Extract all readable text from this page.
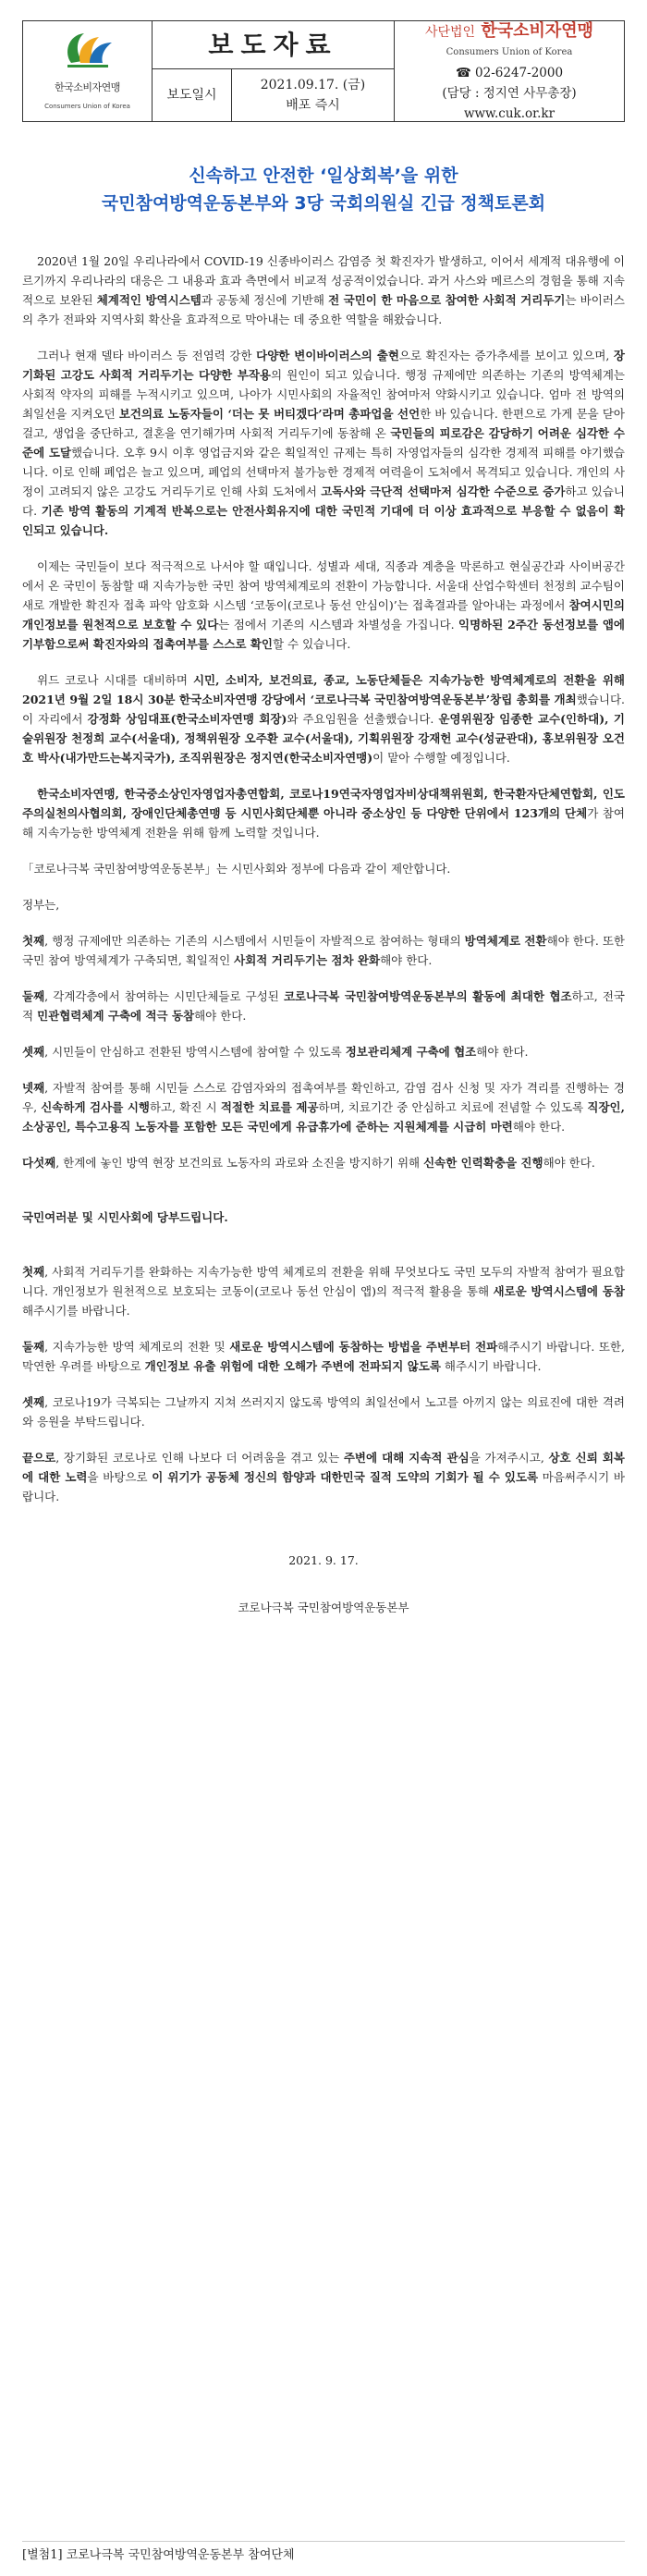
한국소비자연맹
Consumers Union of Korea
보도자료
보도일시
2021.09.17. (금)
배포 즉시
사단법인 한국소비자연맹
Consumers Union of Korea
☎ 02-6247-2000
(담당 : 정지연 사무총장)
www.cuk.or.kr
신속하고 안전한 ‘일상회복’을 위한
국민참여방역운동본부와 3당 국회의원실 긴급 정책토론회
2020년 1월 20일 우리나라에서 COVID-19 신종바이러스 감염증 첫 확진자가 발생하고, 이어서 세계적 대유행에 이르기까지 우리나라의 대응은 그 내용과 효과 측면에서 비교적 성공적이었습니다. 과거 사스와 메르스의 경험을 통해 지속적으로 보완된 체계적인 방역시스템과 공동체 정신에 기반해 전 국민이 한 마음으로 참여한 사회적 거리두기는 바이러스의 추가 전파와 지역사회 확산을 효과적으로 막아내는 데 중요한 역할을 해왔습니다.
그러나 현재 델타 바이러스 등 전염력 강한 다양한 변이바이러스의 출현으로 확진자는 증가추세를 보이고 있으며, 장기화된 고강도 사회적 거리두기는 다양한 부작용의 원인이 되고 있습니다. 행정 규제에만 의존하는 기존의 방역체계는 사회적 약자의 피해를 누적시키고 있으며, 나아가 시민사회의 자율적인 참여마저 약화시키고 있습니다. 엄마 전 방역의 최일선을 지켜오던 보건의료 노동자들이 ‘더는 못 버티겠다’라며 총파업을 선언한 바 있습니다. 한편으로 가게 문을 닫아걸고, 생업을 중단하고, 결혼을 연기해가며 사회적 거리두기에 동참해 온 국민들의 피로감은 감당하기 어려운 심각한 수준에 도달했습니다. 오후 9시 이후 영업금지와 같은 획일적인 규제는 특히 자영업자들의 심각한 경제적 피해를 야기했습니다. 이로 인해 폐업은 늘고 있으며, 폐업의 선택마저 불가능한 경제적 여력을이 도처에서 목격되고 있습니다. 개인의 사정이 고려되지 않은 고강도 거리두기로 인해 사회 도처에서 고독사와 극단적 선택마저 심각한 수준으로 증가하고 있습니다. 기존 방역 활동의 기계적 반복으로는 안전사회유지에 대한 국민적 기대에 더 이상 효과적으로 부응할 수 없음이 확인되고 있습니다.
이제는 국민들이 보다 적극적으로 나서야 할 때입니다. 성별과 세대, 직종과 계층을 막론하고 현실공간과 사이버공간에서 온 국민이 동참할 때 지속가능한 국민 참여 방역체계로의 전환이 가능합니다. 서울대 산업수학센터 천정희 교수팀이 새로 개발한 확진자 접촉 파악 암호화 시스템 ‘코동이(코로나 동선 안심이)’는 접촉결과를 알아내는 과정에서 참여시민의 개인정보를 원천적으로 보호할 수 있다는 점에서 기존의 시스템과 차별성을 가집니다. 익명하된 2주간 동선정보를 앱에 기부함으로써 확진자와의 접촉여부를 스스로 확인할 수 있습니다.
위드 코로나 시대를 대비하며 시민, 소비자, 보건의료, 종교, 노동단체들은 지속가능한 방역체계로의 전환을 위해 2021년 9월 2일 18시 30분 한국소비자연맹 강당에서 ‘코로나극복 국민참여방역운동본부’창립 총회를 개최했습니다. 이 자리에서 강정화 상임대표(한국소비자연맹 회장)와 주요임원을 선출했습니다. 운영위원장 임종한 교수(인하대), 기술위원장 천정희 교수(서울대), 정책위원장 오주환 교수(서울대), 기획위원장 강재헌 교수(성균관대), 홍보위원장 오건호 박사(내가만드는복지국가), 조직위원장은 정지연(한국소비자연맹)이 맡아 수행할 예정입니다.
한국소비자연맹, 한국중소상인자영업자총연합회, 코로나19연국자영업자비상대책위원회, 한국환자단체연합회, 인도주의실천의사협의회, 장애인단체총연맹 등 시민사회단체뿐 아니라 중소상인 등 다양한 단위에서 123개의 단체가 참여해 지속가능한 방역체계 전환을 위해 함께 노력할 것입니다.
「코로나극복 국민참여방역운동본부」는 시민사회와 정부에 다음과 같이 제안합니다.
정부는,
첫째, 행정 규제에만 의존하는 기존의 시스템에서 시민들이 자발적으로 참여하는 형태의 방역체계로 전환해야 한다. 또한 국민 참여 방역체계가 구축되면, 획일적인 사회적 거리두기는 점차 완화해야 한다.
둘째, 각계각층에서 참여하는 시민단체들로 구성된 코로나극복 국민참여방역운동본부의 활동에 최대한 협조하고, 전국적 민관협력체계 구축에 적극 동참해야 한다.
셋째, 시민들이 안심하고 전환된 방역시스템에 참여할 수 있도록 정보관리체계 구축에 협조해야 한다.
넷째, 자발적 참여를 통해 시민들 스스로 감염자와의 접촉여부를 확인하고, 감염 검사 신청 및 자가 격리를 진행하는 경우, 신속하게 검사를 시행하고, 확진 시 적절한 치료를 제공하며, 치료기간 중 안심하고 치료에 전념할 수 있도록 직장인, 소상공인, 특수고용직 노동자를 포함한 모든 국민에게 유급휴가에 준하는 지원체계를 시급히 마련해야 한다.
다섯째, 한계에 놓인 방역 현장 보건의료 노동자의 과로와 소진을 방지하기 위해 신속한 인력확충을 진행해야 한다.
국민여러분 및 시민사회에 당부드립니다.
첫째, 사회적 거리두기를 완화하는 지속가능한 방역 체계로의 전환을 위해 무엇보다도 국민 모두의 자발적 참여가 필요합니다. 개인정보가 원천적으로 보호되는 코동이(코로나 동선 안심이 앱)의 적극적 활용을 통해 새로운 방역시스템에 동참해주시기를 바랍니다.
둘째, 지속가능한 방역 체계로의 전환 및 새로운 방역시스템에 동참하는 방법을 주변부터 전파해주시기 바랍니다. 또한, 막연한 우려를 바탕으로 개인정보 유출 위험에 대한 오해가 주변에 전파되지 않도록 해주시기 바랍니다.
셋째, 코로나19가 극복되는 그날까지 지쳐 쓰러지지 않도록 방역의 최일선에서 노고를 아끼지 않는 의료진에 대한 격려와 응원을 부탁드립니다.
끝으로, 장기화된 코로나로 인해 나보다 더 어려움을 겪고 있는 주변에 대해 지속적 관심을 가져주시고, 상호 신뢰 회복에 대한 노력을 바탕으로 이 위기가 공동체 정신의 함양과 대한민국 질적 도약의 기회가 될 수 있도록 마음써주시기 바랍니다.
2021. 9. 17.
코로나극복 국민참여방역운동본부
[별첨1] 코로나극복 국민참여방역운동본부 참여단체
